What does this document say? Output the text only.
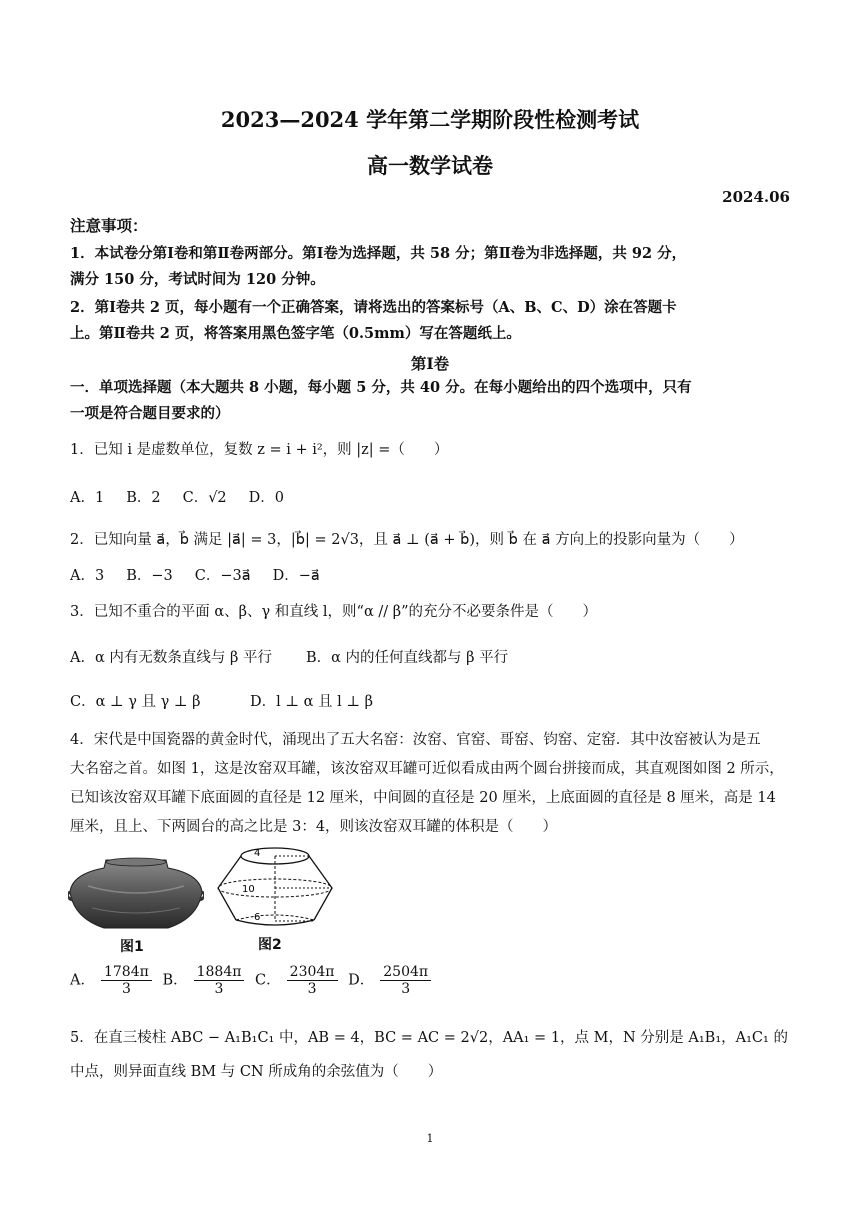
2023—2024 学年第二学期阶段性检测考试
高一数学试卷
2024.06
注意事项：
1．本试卷分第Ⅰ卷和第Ⅱ卷两部分。第Ⅰ卷为选择题，共 58 分；第Ⅱ卷为非选择题，共 92 分，
满分 150 分，考试时间为 120 分钟。
2．第Ⅰ卷共 2 页，每小题有一个正确答案，请将选出的答案标号（A、B、C、D）涂在答题卡
上。第Ⅱ卷共 2 页，将答案用黑色签字笔（0.5mm）写在答题纸上。
第Ⅰ卷
一．单项选择题（本大题共 8 小题，每小题 5 分，共 40 分。在每小题给出的四个选项中，只有
一项是符合题目要求的）
1．已知 i 是虚数单位，复数 z = i + i²，则 |z| =（　　）
A．1 B．2 C．√2 D．0
2．已知向量 a⃗，b⃗ 满足 |a⃗| = 3，|b⃗| = 2√3，且 a⃗ ⊥ (a⃗ + b⃗)，则 b⃗ 在 a⃗ 方向上的投影向量为（　　）
A．3 B．−3 C．−3a⃗ D．−a⃗
3．已知不重合的平面 α、β、γ 和直线 l，则“α // β”的充分不必要条件是（　　）
A．α 内有无数条直线与 β 平行 B．α 内的任何直线都与 β 平行
C．α ⊥ γ 且 γ ⊥ β	D．l ⊥ α 且 l ⊥ β
4．宋代是中国瓷器的黄金时代，涌现出了五大名窑：汝窑、官窑、哥窑、钧窑、定窑．其中汝窑被认为是五
大名窑之首。如图 1，这是汝窑双耳罐，该汝窑双耳罐可近似看成由两个圆台拼接而成，其直观图如图 2 所示，
已知该汝窑双耳罐下底面圆的直径是 12 厘米，中间圆的直径是 20 厘米，上底面圆的直径是 8 厘米，高是 14
厘米，且上、下两圆台的高之比是 3：4，则该汝窑双耳罐的体积是（　　）
图1
4
10
6
图2
A． $\frac{1784\pi}{3}$ B． $\frac{1884\pi}{3}$ C． $\frac{2304\pi}{3}$ D． $\frac{2504\pi}{3}$
5．在直三棱柱 ABC − A₁B₁C₁ 中，AB = 4，BC = AC = 2√2，AA₁ = 1，点 M，N 分别是 A₁B₁，A₁C₁ 的
中点，则异面直线 BM 与 CN 所成角的余弦值为（　　）
1
